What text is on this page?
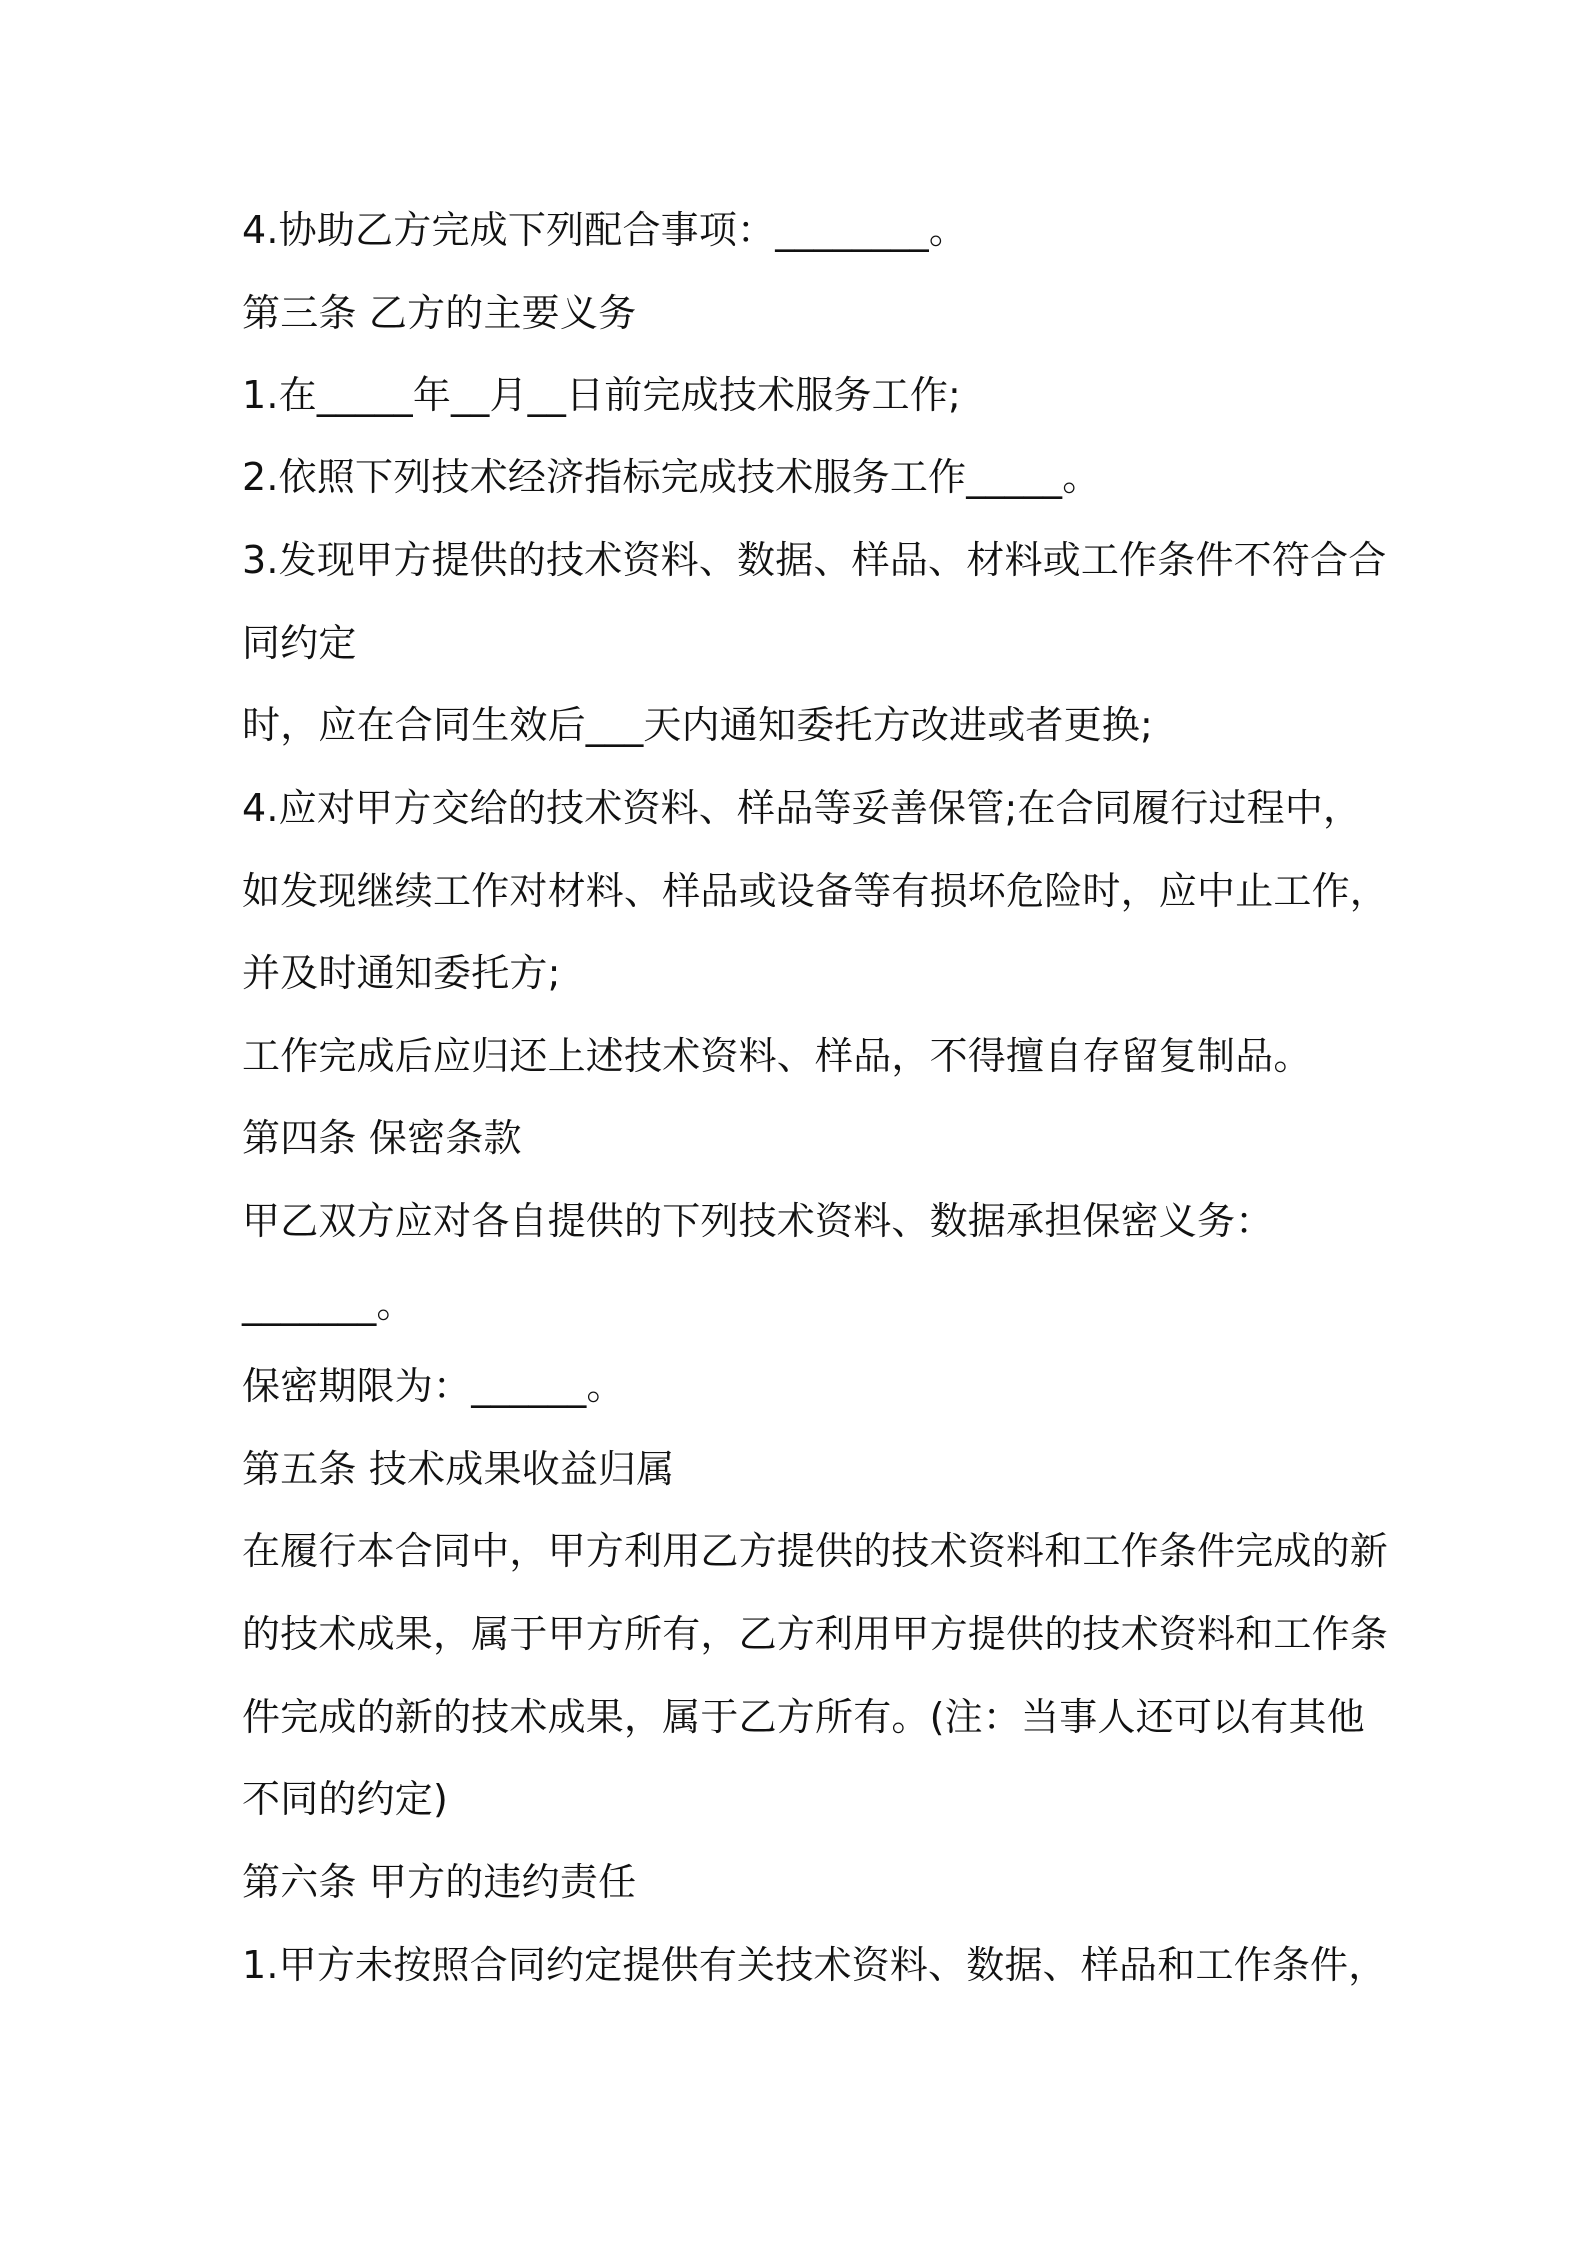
4.协助乙方完成下列配合事项：________。

第三条 乙方的主要义务

1.在_____年__月__日前完成技术服务工作;

2.依照下列技术经济指标完成技术服务工作_____。

3.发现甲方提供的技术资料、数据、样品、材料或工作条件不符合合

同约定

时，应在合同生效后___天内通知委托方改进或者更换;

4.应对甲方交给的技术资料、样品等妥善保管;在合同履行过程中，

如发现继续工作对材料、样品或设备等有损坏危险时，应中止工作，

并及时通知委托方;

工作完成后应归还上述技术资料、样品，不得擅自存留复制品。

第四条 保密条款

甲乙双方应对各自提供的下列技术资料、数据承担保密义务：

_______。

保密期限为：______。

第五条 技术成果收益归属

在履行本合同中，甲方利用乙方提供的技术资料和工作条件完成的新

的技术成果，属于甲方所有，乙方利用甲方提供的技术资料和工作条

件完成的新的技术成果，属于乙方所有。(注：当事人还可以有其他

不同的约定)

第六条 甲方的违约责任

1.甲方未按照合同约定提供有关技术资料、数据、样品和工作条件，
